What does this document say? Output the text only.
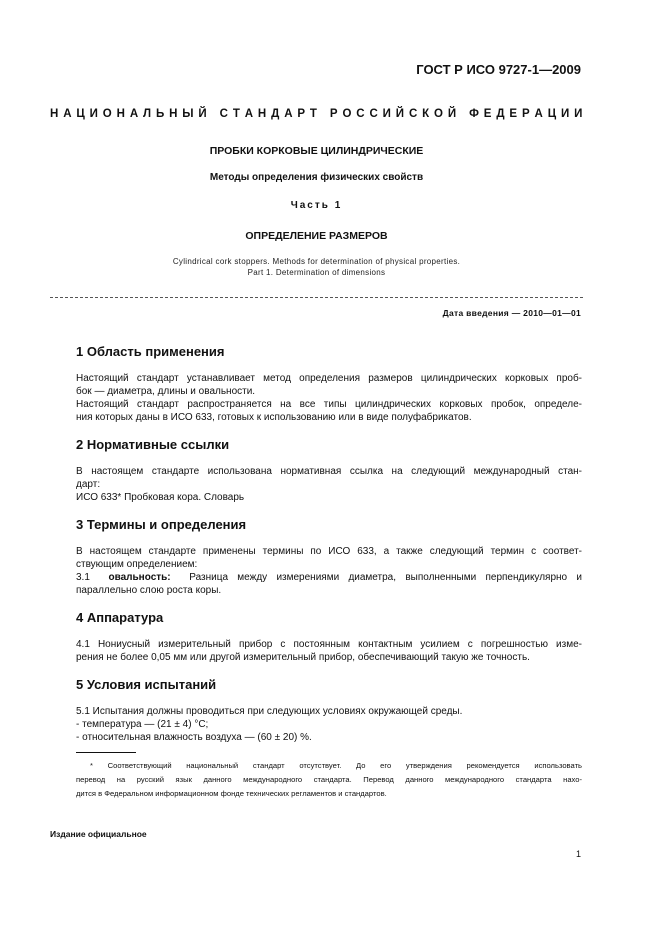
ГОСТ Р ИСО 9727-1—2009
Н А Ц И О Н А Л Ь Н Ы Й
С Т А Н Д А Р Т
Р О С С И Й С К О Й
Ф Е Д Е Р А Ц И И
ПРОБКИ КОРКОВЫЕ ЦИЛИНДРИЧЕСКИЕ
Методы определения физических свойств
Часть 1
ОПРЕДЕЛЕНИЕ РАЗМЕРОВ
Cylindrical cork stoppers. Methods for determination of physical properties.
Part 1. Determination of dimensions
Дата введения — 2010—01—01
1 Область применения
Настоящий стандарт устанавливает метод определения размеров цилиндрических корковых проб-
бок — диаметра, длины и овальности.
Настоящий стандарт распространяется на все типы цилиндрических корковых пробок, определе-
ния которых даны в ИСО 633, готовых к использованию или в виде полуфабрикатов.
2 Нормативные ссылки
В настоящем стандарте использована нормативная ссылка на следующий международный стан-
дарт:
ИСО 633* Пробковая кора. Словарь
3 Термины и определения
В настоящем стандарте применены термины по ИСО 633, а также следующий термин с соответ-
ствующим определением:
3.1 овальность: Разница между измерениями диаметра, выполненными перпендикулярно и
параллельно слою роста коры.
4 Аппаратура
4.1 Нониусный измерительный прибор с постоянным контактным усилием с погрешностью изме-
рения не более 0,05 мм или другой измерительный прибор, обеспечивающий такую же точность.
5 Условия испытаний
5.1 Испытания должны проводиться при следующих условиях окружающей среды.
- температура — (21 ± 4) °С;
- относительная влажность воздуха — (60 ± 20) %.
* Соответствующий национальный стандарт отсутствует. До его утверждения рекомендуется использовать
перевод на русский язык данного международного стандарта. Перевод данного международного стандарта нахо-
дится в Федеральном информационном фонде технических регламентов и стандартов.
Издание официальное
1
